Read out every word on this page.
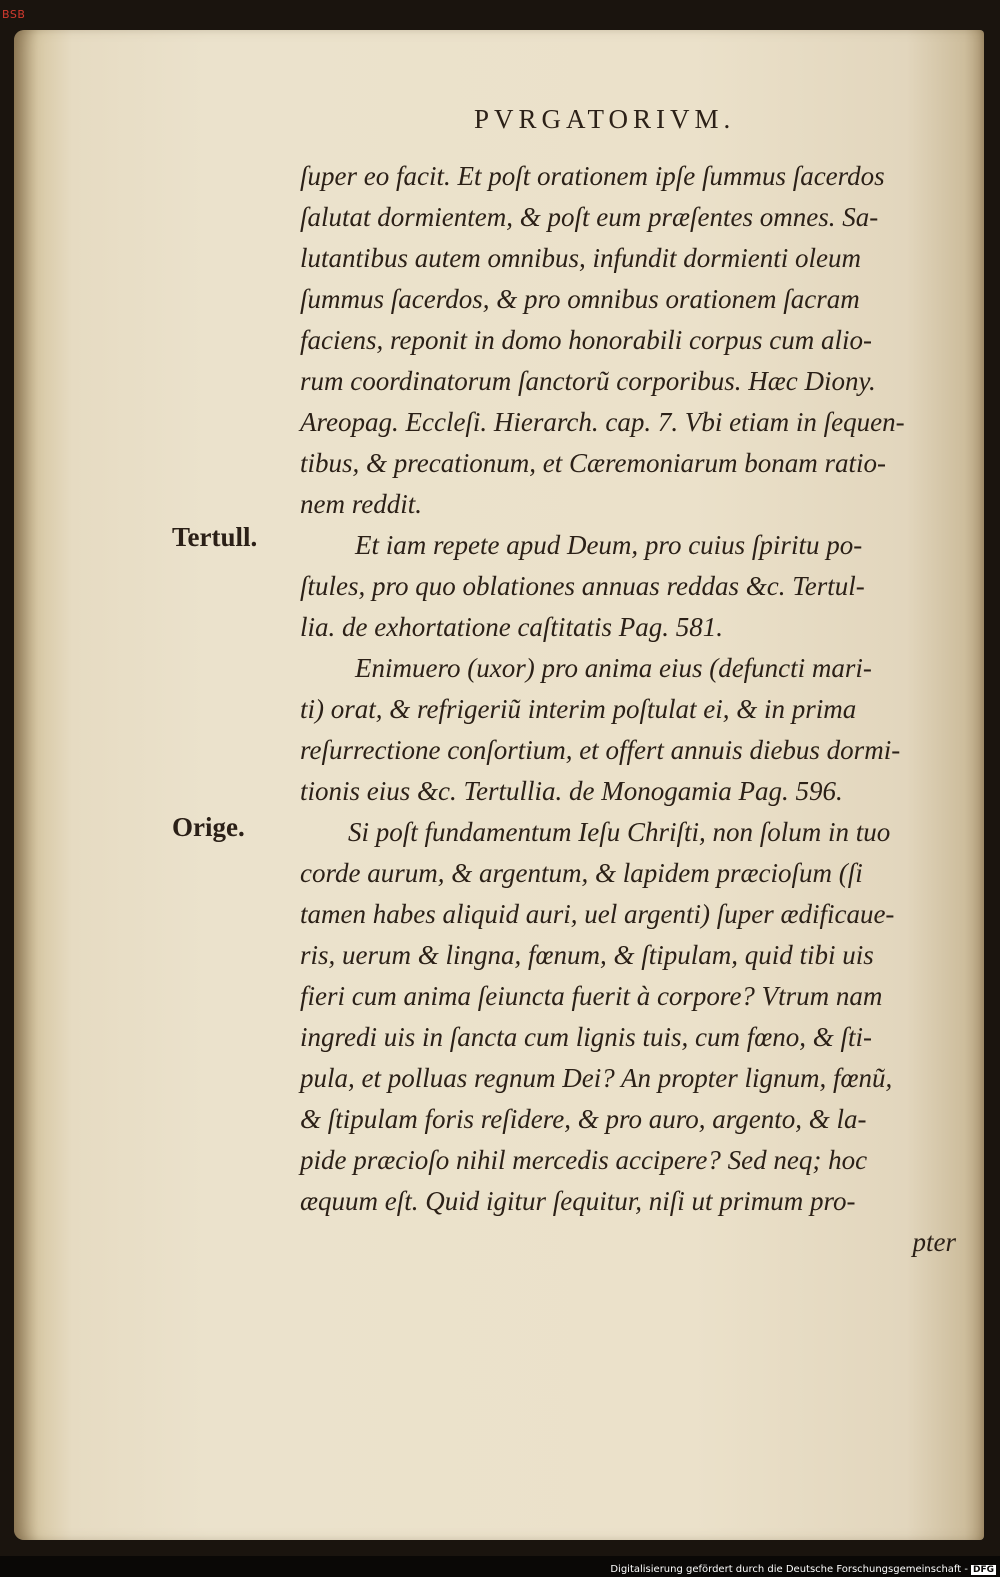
BSB
PVRGATORIVM.
Tertull.
Orige.
ſuper eo facit. Et poſt orationem ipſe ſummus ſacerdos
ſalutat dormientem, & poſt eum præſentes omnes. Sa-
lutantibus autem omnibus, infundit dormienti oleum
ſummus ſacerdos, & pro omnibus orationem ſacram
faciens, reponit in domo honorabili corpus cum alio-
rum coordinatorum ſanctorũ corporibus. Hæc Diony.
Areopag. Eccleſi. Hierarch. cap. 7. Vbi etiam in ſequen-
tibus, & precationum, et Cæremoniarum bonam ratio-
nem reddit.
Et iam repete apud Deum, pro cuius ſpiritu po-
ſtules, pro quo oblationes annuas reddas &c. Tertul-
lia. de exhortatione caſtitatis Pag. 581.
Enimuero (uxor) pro anima eius (defuncti mari-
ti) orat, & refrigeriũ interim poſtulat ei, & in prima
reſurrectione conſortium, et offert annuis diebus dormi-
tionis eius &c. Tertullia. de Monogamia Pag. 596.
Si poſt fundamentum Ieſu Chriſti, non ſolum in tuo
corde aurum, & argentum, & lapidem præcioſum (ſi
tamen habes aliquid auri, uel argenti) ſuper ædificaue-
ris, uerum & lingna, fœnum, & ſtipulam, quid tibi uis
fieri cum anima ſeiuncta fuerit à corpore? Vtrum nam
ingredi uis in ſancta cum lignis tuis, cum fœno, & ſti-
pula, et polluas regnum Dei? An propter lignum, fœnũ,
& ſtipulam foris reſidere, & pro auro, argento, & la-
pide præcioſo nihil mercedis accipere? Sed neq; hoc
æquum eſt. Quid igitur ſequitur, niſi ut primum pro-
pter
Digitalisierung gefördert durch die Deutsche Forschungsgemeinschaft - DFG
